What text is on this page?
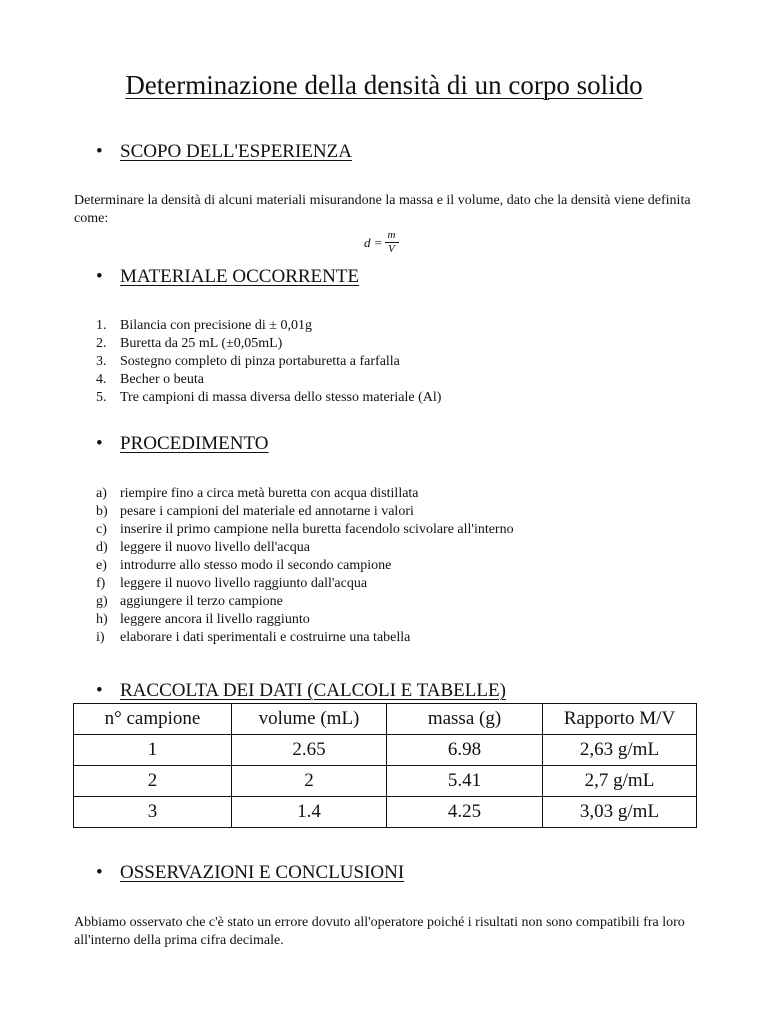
Determinazione della densità di un corpo solido
• SCOPO DELL'ESPERIENZA
Determinare la densità di alcuni materiali misurandone la massa e il volume, dato che la densità viene definita come:
$d = \frac{m}{V}$
• MATERIALE OCCORRENTE
1. Bilancia con precisione di ± 0,01g
2. Buretta da 25 mL (±0,05mL)
3. Sostegno completo di pinza portaburetta a farfalla
4. Becher o beuta
5. Tre campioni di massa diversa dello stesso materiale (Al)
• PROCEDIMENTO
a) riempire fino a circa metà buretta con acqua distillata
b) pesare i campioni del materiale ed annotarne i valori
c) inserire il primo campione nella buretta facendolo scivolare all'interno
d) leggere il nuovo livello dell'acqua
e) introdurre allo stesso modo il secondo campione
f)	leggere il nuovo livello raggiunto dall'acqua
g) aggiungere il terzo campione
h) leggere ancora il livello raggiunto
i)	elaborare i dati sperimentali e costruirne una tabella
• RACCOLTA DEI DATI (CALCOLI E TABELLE)
n° campione	volume (mL)	massa (g)	Rapporto M/V
1	2.65	6.98	2,63 g/mL
2	2	5.41	2,7 g/mL
3	1.4	4.25	3,03 g/mL
• OSSERVAZIONI E CONCLUSIONI
Abbiamo osservato che c'è stato un errore dovuto all'operatore poiché i risultati non sono compatibili fra loro all'interno della prima cifra decimale.
